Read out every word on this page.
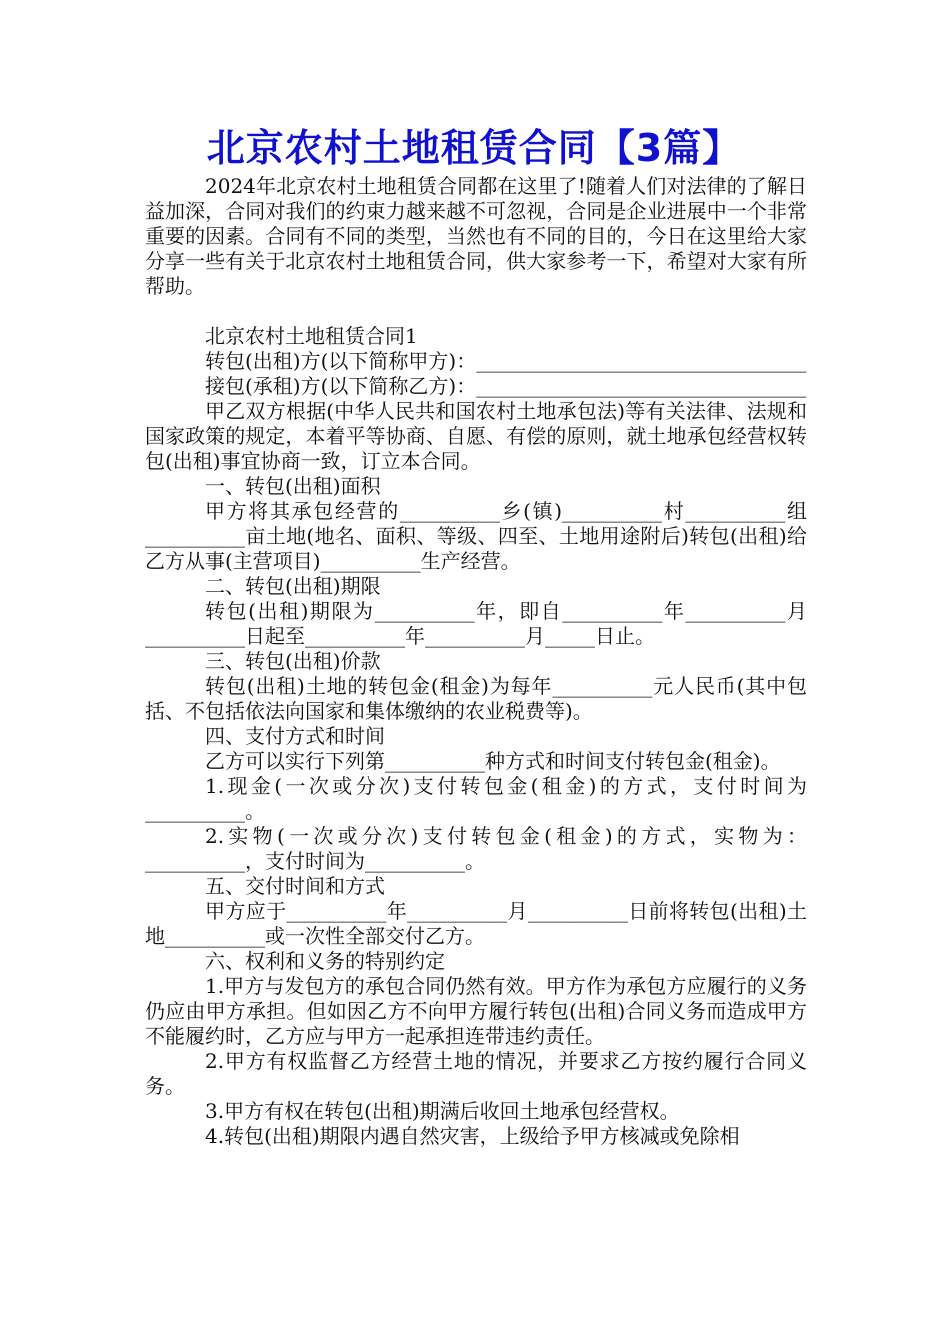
北京农村土地租赁合同【3篇】

2024年北京农村土地租赁合同都在这里了!随着人们对法律的了解日益加深，合同对我们的约束力越来越不可忽视，合同是企业进展中一个非常重要的因素。合同有不同的类型，当然也有不同的目的，今日在这里给大家分享一些有关于北京农村土地租赁合同，供大家参考一下，希望对大家有所帮助。

北京农村土地租赁合同1

转包(出租)方(以下简称甲方)：_________________________________

接包(承租)方(以下简称乙方)：_________________________________

甲乙双方根据(中华人民共和国农村土地承包法)等有关法律、法规和国家政策的规定，本着平等协商、自愿、有偿的原则，就土地承包经营权转包(出租)事宜协商一致，订立本合同。

一、转包(出租)面积

甲方将其承包经营的__________乡(镇)__________村__________组__________亩土地(地名、面积、等级、四至、土地用途附后)转包(出租)给乙方从事(主营项目)__________生产经营。

二、转包(出租)期限

转包(出租)期限为__________年，即自__________年__________月__________日起至__________年__________月_____日止。

三、转包(出租)价款

转包(出租)土地的转包金(租金)为每年__________元人民币(其中包括、不包括依法向国家和集体缴纳的农业税费等)。

四、支付方式和时间

乙方可以实行下列第__________种方式和时间支付转包金(租金)。

1.现金(一次或分次)支付转包金(租金)的方式，支付时间为__________。

2.实物(一次或分次)支付转包金(租金)的方式，实物为：__________，支付时间为__________。

五、交付时间和方式

甲方应于__________年__________月__________日前将转包(出租)土地__________或一次性全部交付乙方。

六、权利和义务的特别约定

1.甲方与发包方的承包合同仍然有效。甲方作为承包方应履行的义务仍应由甲方承担。但如因乙方不向甲方履行转包(出租)合同义务而造成甲方不能履约时，乙方应与甲方一起承担连带违约责任。

2.甲方有权监督乙方经营土地的情况，并要求乙方按约履行合同义务。

3.甲方有权在转包(出租)期满后收回土地承包经营权。

4.转包(出租)期限内遇自然灾害，上级给予甲方核减或免除相
